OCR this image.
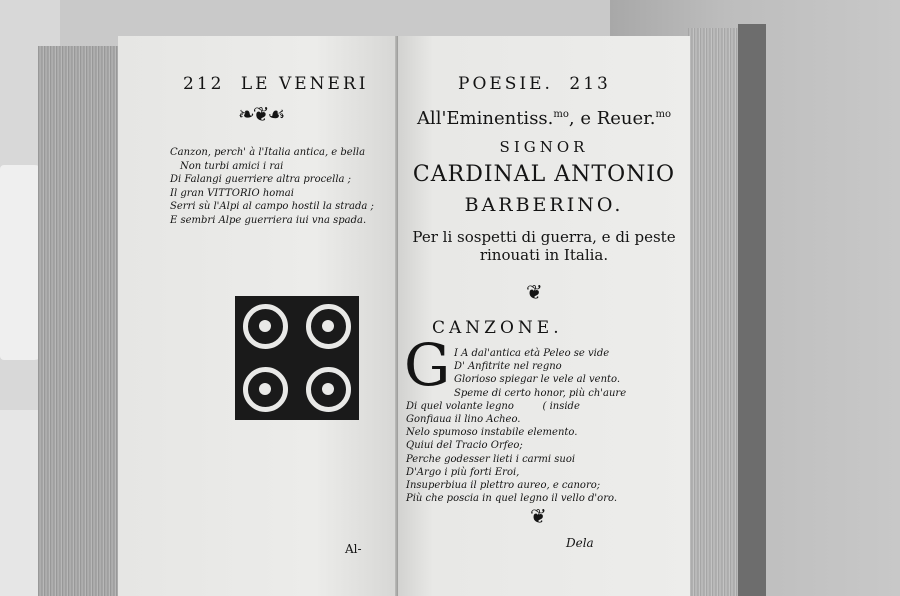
212 LE VENERI
❧❦☙
Canzon, perch' à l'Italia antica, e bella
Non turbi amici i rai
Di Falangi guerriere altra procella ;
Il gran VITTORIO homai
Serri sù l'Alpi al campo hostil la strada ;
E sembri Alpe guerriera iui vna spada.
Al-
POESIE. 213
All'Eminentiss.$^{mo}$, e Reuer.$^{mo}$
SIGNOR
CARDINAL ANTONIO
BARBERINO.
Per li sospetti di guerra, e di peste
rinouati in Italia.
❦
CANZONE.
G I A dal'antica età Peleo se vide
D' Anfitrite nel regno
Glorioso spiegar le vele al vento.
Speme di certo honor, più ch'aure
Di quel volante legno         ( inside
Gonfiaua il lino Acheo.
Nelo spumoso instabile elemento.
Quiui del Tracio Orfeo;
Perche godesser lieti i carmi suoi
D'Argo i più forti Eroi,
Insuperbiua il plettro aureo, e canoro;
Più che poscia in quel legno il vello d'oro.
❦
Dela
